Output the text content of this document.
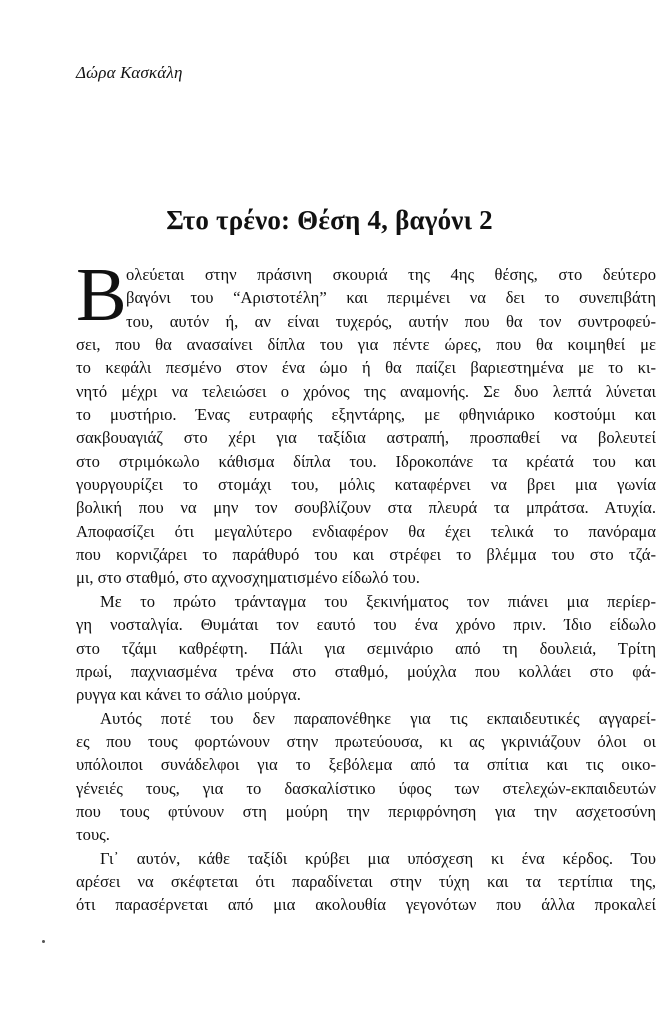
Δώρα Κασκάλη
Στο τρένο: Θέση 4, βαγόνι 2
Β ολεύεται στην πράσινη σκουριά της 4ης θέσης, στο δεύτερο
βαγόνι του “Αριστοτέλη” και περιμένει να δει το συνεπιβάτη
του, αυτόν ή, αν είναι τυχερός, αυτήν που θα τον συντροφεύ-
σει, που θα ανασαίνει δίπλα του για πέντε ώρες, που θα κοιμηθεί με
το κεφάλι πεσμένο στον ένα ώμο ή θα παίζει βαριεστημένα με το κι-
νητό μέχρι να τελειώσει ο χρόνος της αναμονής. Σε δυο λεπτά λύνεται
το μυστήριο. Ένας ευτραφής εξηντάρης, με φθηνιάρικο κοστούμι και
σακβουαγιάζ στο χέρι για ταξίδια αστραπή, προσπαθεί να βολευτεί
στο στριμόκωλο κάθισμα δίπλα του. Ιδροκοπάνε τα κρέατά του και
γουργουρίζει το στομάχι του, μόλις καταφέρνει να βρει μια γωνία
βολική που να μην τον σουβλίζουν στα πλευρά τα μπράτσα. Ατυχία.
Αποφασίζει ότι μεγαλύτερο ενδιαφέρον θα έχει τελικά το πανόραμα
που κορνιζάρει το παράθυρό του και στρέφει το βλέμμα του στο τζά-
μι, στο σταθμό, στο αχνοσχηματισμένο είδωλό του.
Με το πρώτο τράνταγμα του ξεκινήματος τον πιάνει μια περίερ-
γη νοσταλγία. Θυμάται τον εαυτό του ένα χρόνο πριν. Ίδιο είδωλο
στο τζάμι καθρέφτη. Πάλι για σεμινάριο από τη δουλειά, Τρίτη
πρωί, παχνιασμένα τρένα στο σταθμό, μούχλα που κολλάει στο φά-
ρυγγα και κάνει το σάλιο μούργα.
Αυτός ποτέ του δεν παραπονέθηκε για τις εκπαιδευτικές αγγαρεί-
ες που τους φορτώνουν στην πρωτεύουσα, κι ας γκρινιάζουν όλοι οι
υπόλοιποι συνάδελφοι για το ξεβόλεμα από τα σπίτια και τις οικο-
γένειές τους, για το δασκαλίστικο ύφος των στελεχών-εκπαιδευτών
που τους φτύνουν στη μούρη την περιφρόνηση για την ασχετοσύνη
τους.
Γι᾽ αυτόν, κάθε ταξίδι κρύβει μια υπόσχεση κι ένα κέρδος. Του
αρέσει να σκέφτεται ότι παραδίνεται στην τύχη και τα τερτίπια της,
ότι παρασέρνεται από μια ακολουθία γεγονότων που άλλα προκαλεί
